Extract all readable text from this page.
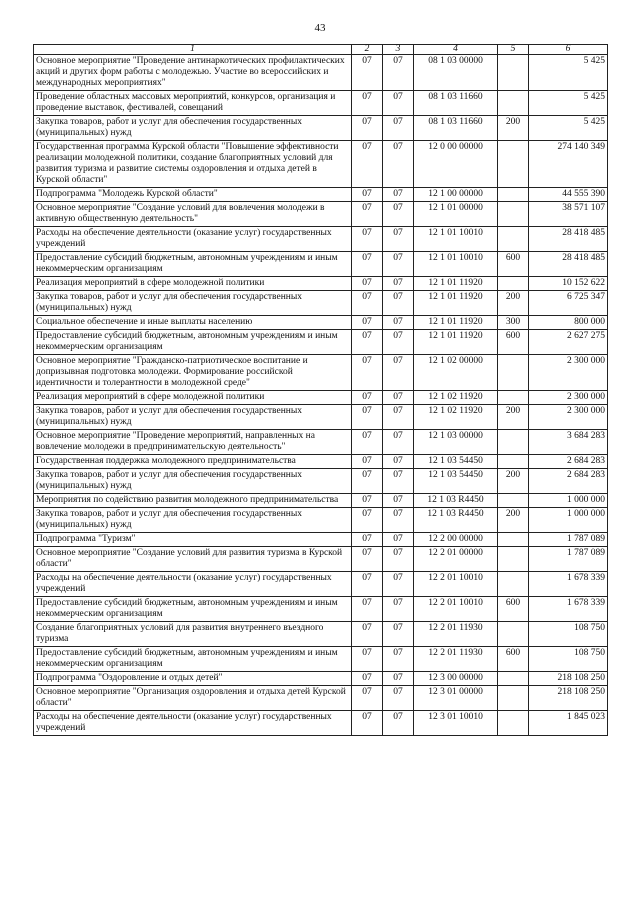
43
1	2	3	4	5	6
Основное мероприятие "Проведение антинаркотических профилактических акций и других форм работы с молодежью. Участие во всероссийских и международных мероприятиях"	07	07	08 1 03 00000		5 425
Проведение областных массовых мероприятий, конкурсов, организация и проведение выставок, фестивалей, совещаний	07	07	08 1 03 11660		5 425
Закупка товаров, работ и услуг для обеспечения государственных (муниципальных) нужд	07	07	08 1 03 11660	200	5 425
Государственная программа Курской области "Повышение эффективности реализации молодежной политики, создание благоприятных условий для развития туризма и развитие системы оздоровления и отдыха детей в Курской области"	07	07	12 0 00 00000		274 140 349
Подпрограмма "Молодежь Курской области"	07	07	12 1 00 00000		44 555 390
Основное мероприятие "Создание условий для вовлечения молодежи в активную общественную деятельность"	07	07	12 1 01 00000		38 571 107
Расходы на обеспечение деятельности (оказание услуг) государственных учреждений	07	07	12 1 01 10010		28 418 485
Предоставление субсидий бюджетным, автономным учреждениям и иным некоммерческим организациям	07	07	12 1 01 10010	600	28 418 485
Реализация мероприятий в сфере молодежной политики	07	07	12 1 01 11920		10 152 622
Закупка товаров, работ и услуг для обеспечения государственных (муниципальных) нужд	07	07	12 1 01 11920	200	6 725 347
Социальное обеспечение и иные выплаты населению	07	07	12 1 01 11920	300	800 000
Предоставление субсидий бюджетным, автономным учреждениям и иным некоммерческим организациям	07	07	12 1 01 11920	600	2 627 275
Основное мероприятие "Гражданско-патриотическое воспитание и допризывная подготовка молодежи. Формирование российской идентичности и толерантности в молодежной среде"	07	07	12 1 02 00000		2 300 000
Реализация мероприятий в сфере молодежной политики	07	07	12 1 02 11920		2 300 000
Закупка товаров, работ и услуг для обеспечения государственных (муниципальных) нужд	07	07	12 1 02 11920	200	2 300 000
Основное мероприятие "Проведение мероприятий, направленных на вовлечение молодежи в предпринимательскую деятельность"	07	07	12 1 03 00000		3 684 283
Государственная поддержка молодежного предпринимательства	07	07	12 1 03 54450		2 684 283
Закупка товаров, работ и услуг для обеспечения государственных (муниципальных) нужд	07	07	12 1 03 54450	200	2 684 283
Мероприятия по содействию развития молодежного предпринимательства	07	07	12 1 03 R4450		1 000 000
Закупка товаров, работ и услуг для обеспечения государственных (муниципальных) нужд	07	07	12 1 03 R4450	200	1 000 000
Подпрограмма "Туризм"	07	07	12 2 00 00000		1 787 089
Основное мероприятие "Создание условий для развития туризма в Курской области"	07	07	12 2 01 00000		1 787 089
Расходы на обеспечение деятельности (оказание услуг) государственных учреждений	07	07	12 2 01 10010		1 678 339
Предоставление субсидий бюджетным, автономным учреждениям и иным некоммерческим организациям	07	07	12 2 01 10010	600	1 678 339
Создание благоприятных условий для развития внутреннего въездного туризма	07	07	12 2 01 11930		108 750
Предоставление субсидий бюджетным, автономным учреждениям и иным некоммерческим организациям	07	07	12 2 01 11930	600	108 750
Подпрограмма "Оздоровление и отдых детей"	07	07	12 3 00 00000		218 108 250
Основное мероприятие "Организация оздоровления и отдыха детей Курской области"	07	07	12 3 01 00000		218 108 250
Расходы на обеспечение деятельности (оказание услуг) государственных учреждений	07	07	12 3 01 10010		1 845 023
